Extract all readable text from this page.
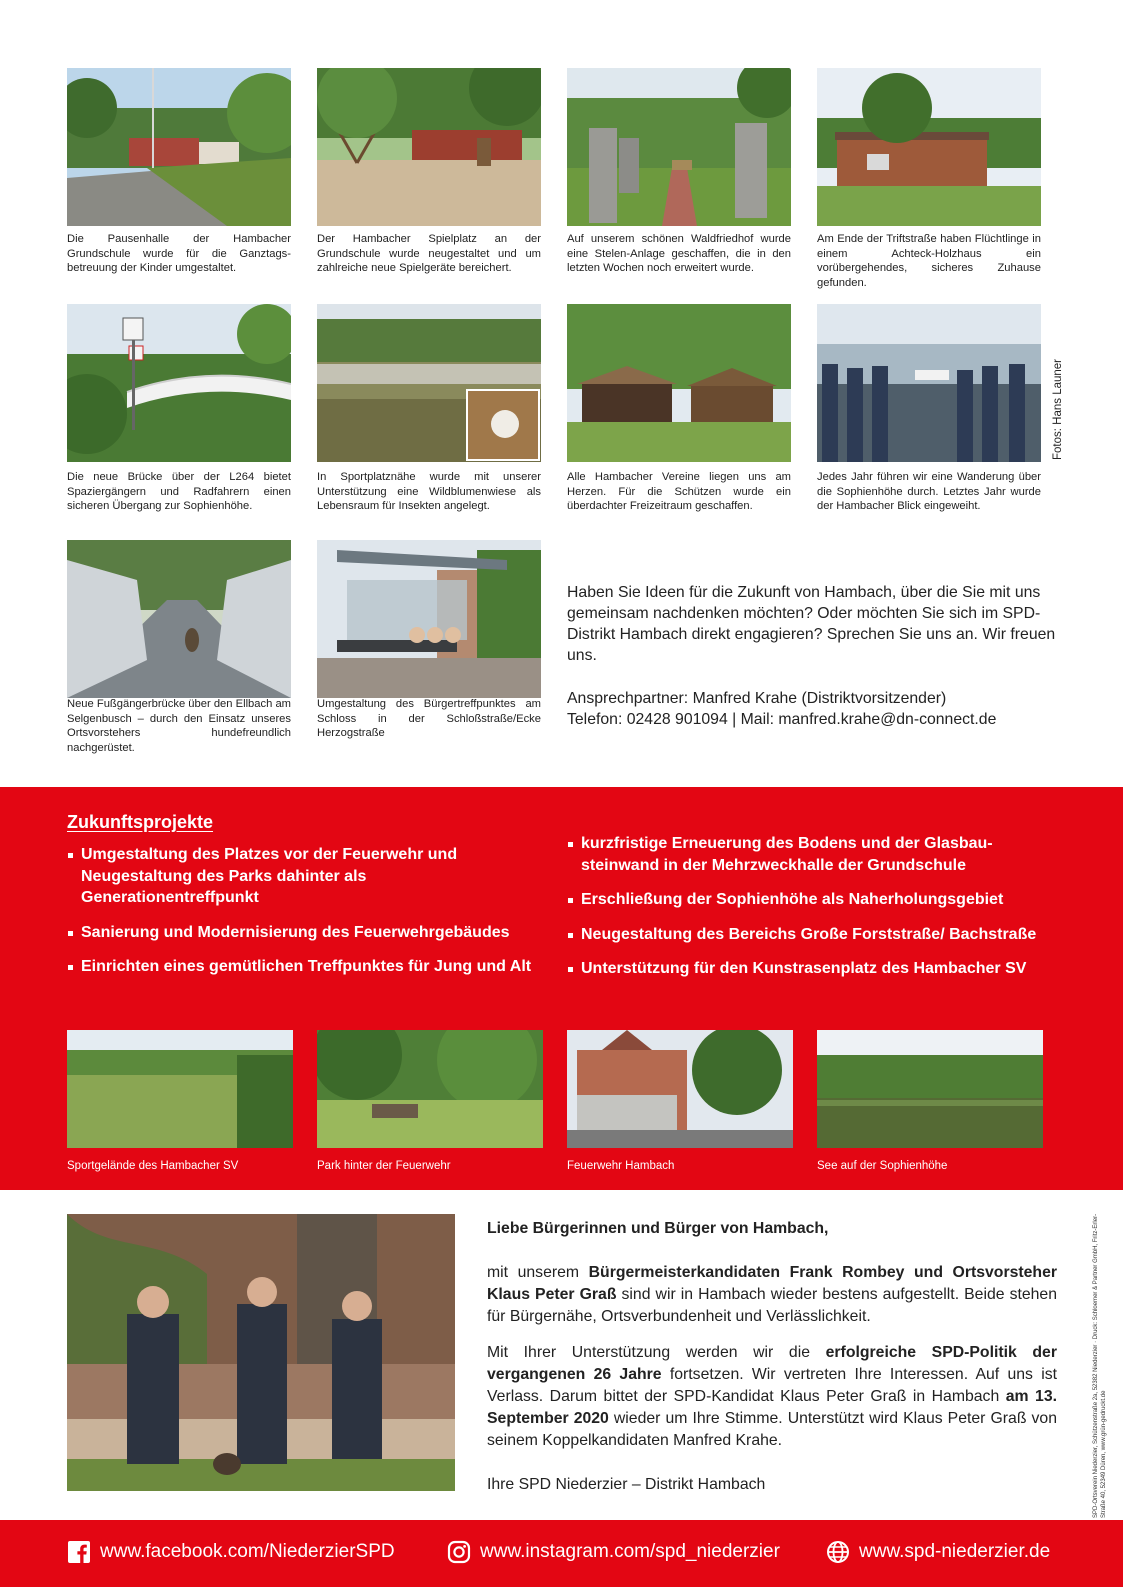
Die Pausenhalle der Hambacher Grundschule wurde für die Ganztagsbetreuung der Kinder umgestaltet.
Der Hambacher Spielplatz an der Grundschule wurde neugestaltet und um zahlreiche neue Spielgeräte bereichert.
Auf unserem schönen Waldfriedhof wurde eine Stelen-Anlage geschaffen, die in den letzten Wochen noch erweitert wurde.
Am Ende der Triftstraße haben Flüchtlinge in einem Achteck-Holzhaus ein vorübergehendes, sicheres Zuhause gefunden.
Die neue Brücke über der L264 bietet Spaziergängern und Radfahrern einen sicheren Übergang zur Sophienhöhe.
In Sportplatznähe wurde mit unserer Unterstützung eine Wildblumenwiese als Lebensraum für Insekten angelegt.
Alle Hambacher Vereine liegen uns am Herzen. Für die Schützen wurde ein überdachter Freizeitraum geschaffen.
Jedes Jahr führen wir eine Wanderung über die Sophienhöhe durch. Letztes Jahr wurde der Hambacher Blick eingeweiht.
Fotos: Hans Launer
Neue Fußgängerbrücke über den Ellbach am Selgenbusch – durch den Einsatz unseres Ortsvorstehers hundefreundlich nachgerüstet.
Umgestaltung des Bürgertreffpunktes am Schloss in der Schloßstraße/Ecke Herzogstraße

Haben Sie Ideen für die Zukunft von Hambach, über die Sie mit uns gemeinsam nachdenken möchten? Oder möchten Sie sich im SPD-Distrikt Hambach direkt engagieren? Sprechen Sie uns an. Wir freuen uns.

Ansprechpartner: Manfred Krahe (Distriktvorsitzender)
Telefon: 02428 901094 | Mail: manfred.krahe@dn-connect.de
Zukunftsprojekte
Umgestaltung des Platzes vor der Feuerwehr und Neugestaltung des Parks dahinter als Generationentreffpunkt
Sanierung und Modernisierung des Feuerwehrgebäudes
Einrichten eines gemütlichen Treffpunktes für Jung und Alt
kurzfristige Erneuerung des Bodens und der Glasbausteinwand in der Mehrzweckhalle der Grundschule
Erschließung der Sophienhöhe als Naherholungsgebiet
Neugestaltung des Bereichs Große Forststraße/ Bachstraße
Unterstützung für den Kunstrasenplatz des Hambacher SV
Sportgelände des Hambacher SV	Park hinter der Feuerwehr	Feuerwehr Hambach	See auf der Sophienhöhe
Liebe Bürgerinnen und Bürger von Hambach,

mit unserem Bürgermeisterkandidaten Frank Rombey und Ortsvorsteher Klaus Peter Graß sind wir in Hambach wieder bestens aufgestellt. Beide stehen für Bürgernähe, Ortsverbundenheit und Verlässlichkeit.

Mit Ihrer Unterstützung werden wir die erfolgreiche SPD-Politik der vergangenen 26 Jahre fortsetzen. Wir vertreten Ihre Interessen. Auf uns ist Verlass. Darum bittet der SPD-Kandidat Klaus Peter Graß in Hambach am 13. September 2020 wieder um Ihre Stimme. Unterstützt wird Klaus Peter Graß von seinem Koppelkandidaten Manfred Krahe.

Ihre SPD Niederzier – Distrikt Hambach	SPD-Ortsverein Niederzier, Schützenstraße 2a, 52382 Niederzier · Druck: Schloemer & Partner GmbH, Fritz-Erler-Straße 40, 52349 Düren, www.grün-gedruckt.de
www.facebook.com/NiederzierSPD	www.instagram.com/spd_niederzier	www.spd-niederzier.de
